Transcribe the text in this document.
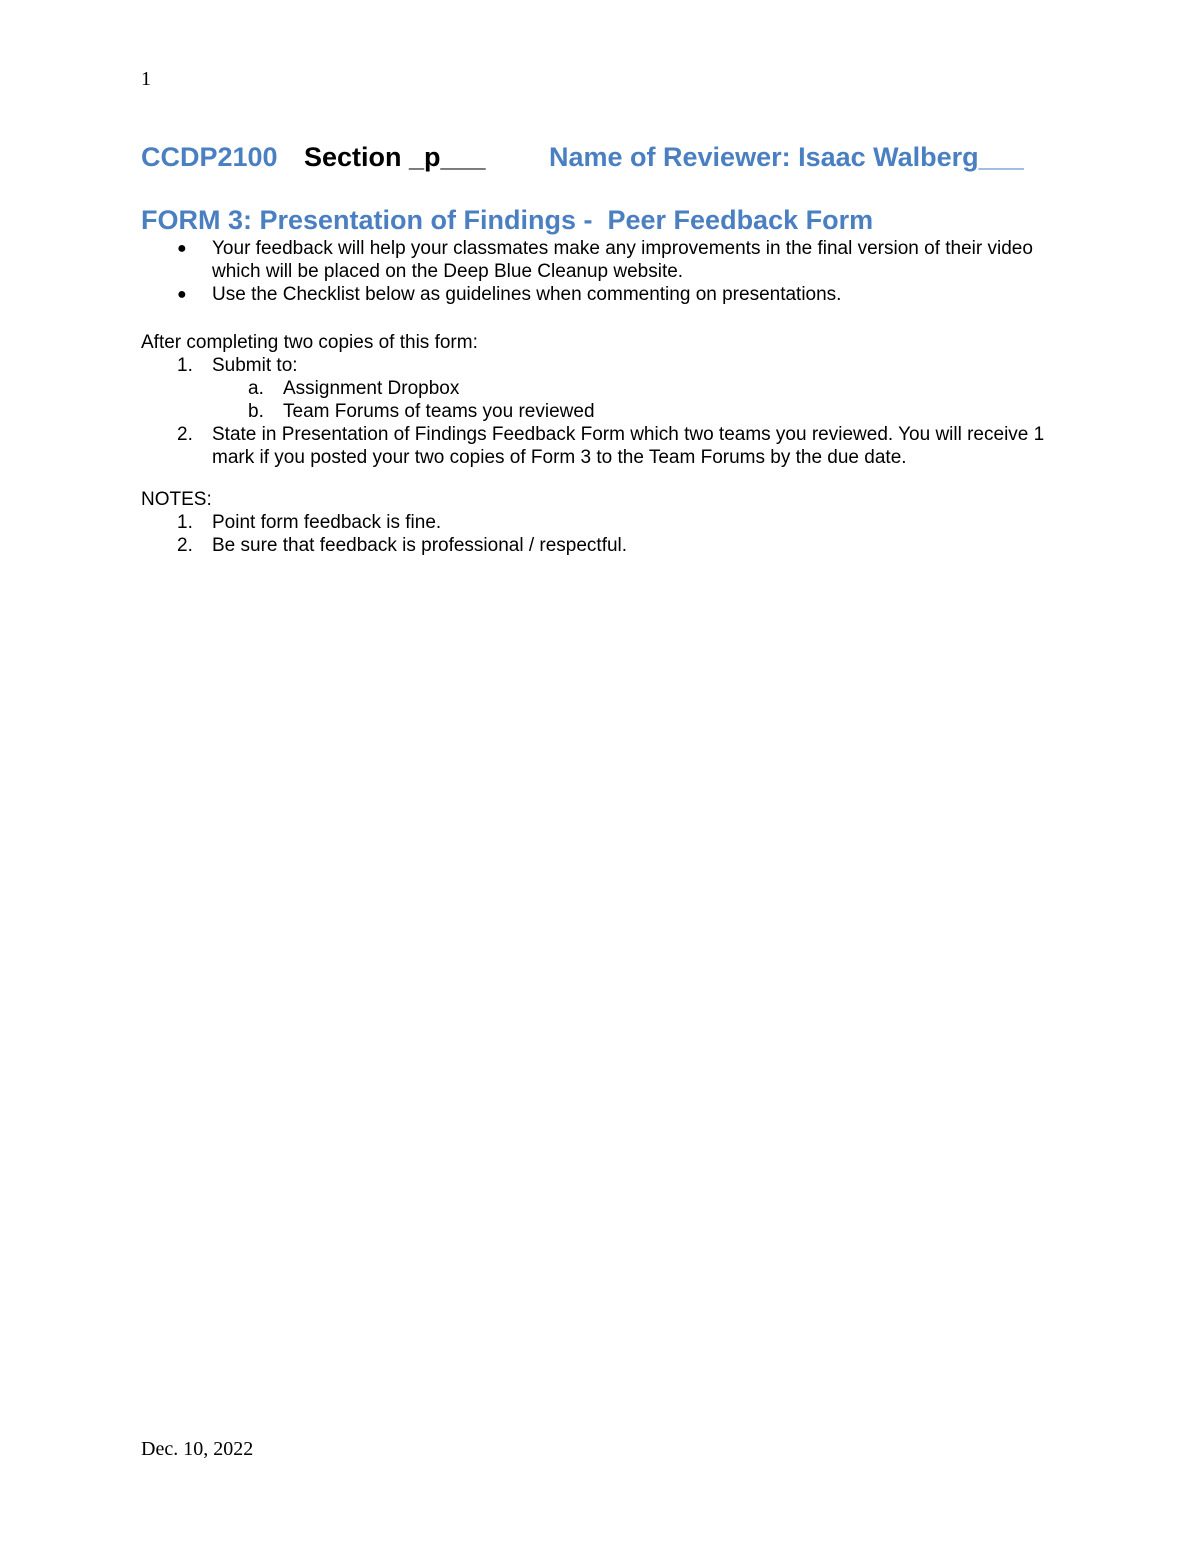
1
CCDP2100 Section _p___ Name of Reviewer: Isaac Walberg___
FORM 3: Presentation of Findings -  Peer Feedback Form
● Your feedback will help your classmates make any improvements in the final version of their video which will be placed on the Deep Blue Cleanup website.
● Use the Checklist below as guidelines when commenting on presentations.
After completing two copies of this form:
1. Submit to:
a. Assignment Dropbox
b. Team Forums of teams you reviewed
2. State in Presentation of Findings Feedback Form which two teams you reviewed. You will receive 1 mark if you posted your two copies of Form 3 to the Team Forums by the due date.
NOTES:
1. Point form feedback is fine.
2. Be sure that feedback is professional / respectful.
Dec. 10, 2022
